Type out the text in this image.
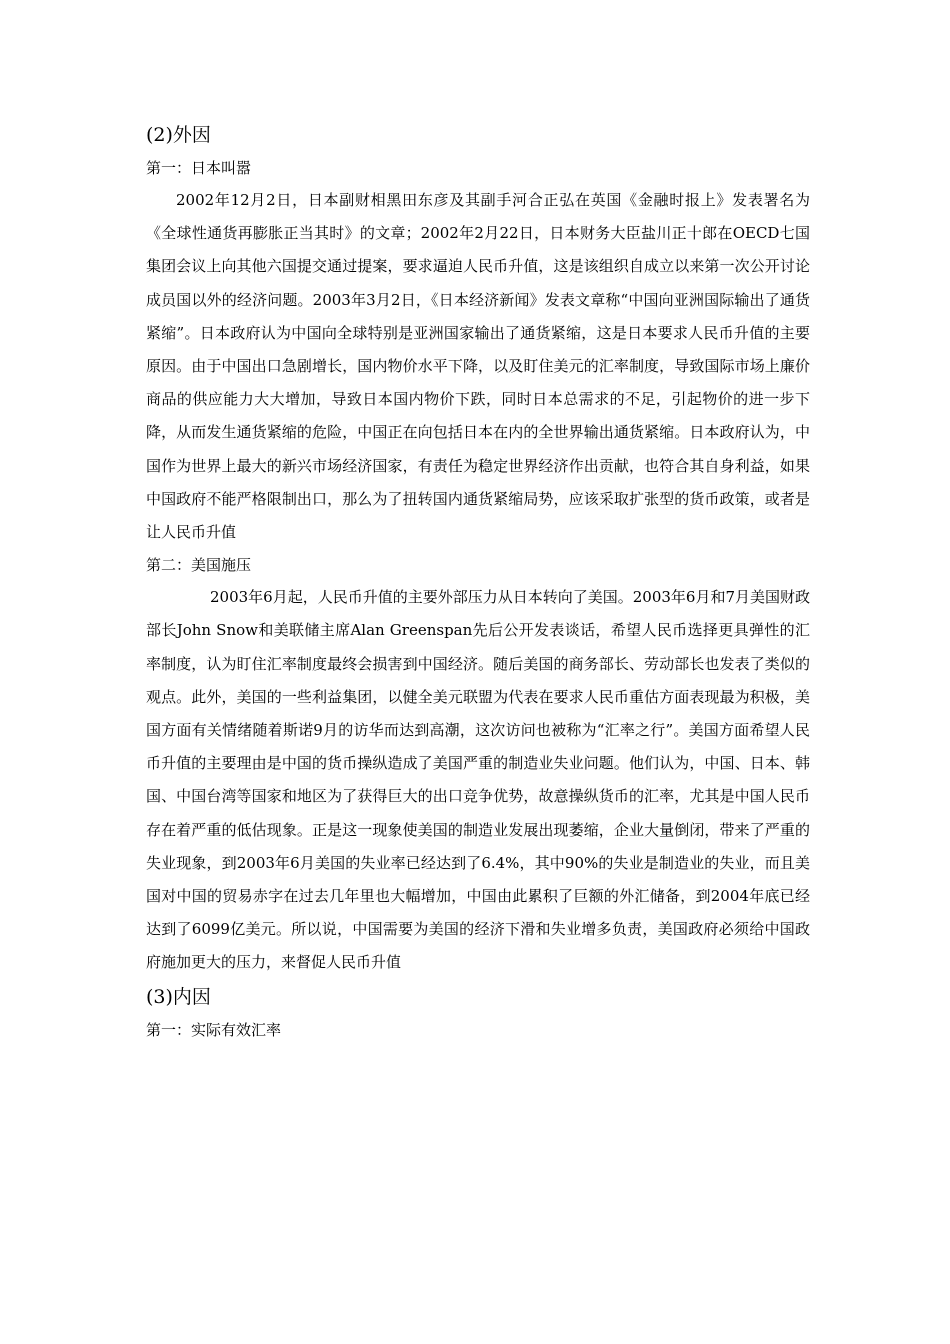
(2)外因
第一：日本叫嚣

2002年12月2日，日本副财相黑田东彦及其副手河合正弘在英国《金融时报上》发表署名为《全球性通货再膨胀正当其时》的文章；2002年2月22日，日本财务大臣盐川正十郎在OECD七国集团会议上向其他六国提交通过提案，要求逼迫人民币升值，这是该组织自成立以来第一次公开讨论成员国以外的经济问题。2003年3月2日，《日本经济新闻》发表文章称“中国向亚洲国际输出了通货紧缩”。日本政府认为中国向全球特别是亚洲国家输出了通货紧缩，这是日本要求人民币升值的主要原因。由于中国出口急剧增长，国内物价水平下降，以及盯住美元的汇率制度，导致国际市场上廉价商品的供应能力大大增加，导致日本国内物价下跌，同时日本总需求的不足，引起物价的进一步下降，从而发生通货紧缩的危险，中国正在向包括日本在内的全世界输出通货紧缩。日本政府认为，中国作为世界上最大的新兴市场经济国家，有责任为稳定世界经济作出贡献，也符合其自身利益，如果中国政府不能严格限制出口，那么为了扭转国内通货紧缩局势，应该采取扩张型的货币政策，或者是让人民币升值

第二：美国施压

2003年6月起，人民币升值的主要外部压力从日本转向了美国。2003年6月和7月美国财政部长John Snow和美联储主席Alan Greenspan先后公开发表谈话，希望人民币选择更具弹性的汇率制度，认为盯住汇率制度最终会损害到中国经济。随后美国的商务部长、劳动部长也发表了类似的观点。此外，美国的一些利益集团，以健全美元联盟为代表在要求人民币重估方面表现最为积极，美国方面有关情绪随着斯诺9月的访华而达到高潮，这次访问也被称为“汇率之行”。美国方面希望人民币升值的主要理由是中国的货币操纵造成了美国严重的制造业失业问题。他们认为，中国、日本、韩国、中国台湾等国家和地区为了获得巨大的出口竞争优势，故意操纵货币的汇率，尤其是中国人民币存在着严重的低估现象。正是这一现象使美国的制造业发展出现萎缩，企业大量倒闭，带来了严重的失业现象，到2003年6月美国的失业率已经达到了6.4%，其中90%的失业是制造业的失业，而且美国对中国的贸易赤字在过去几年里也大幅增加，中国由此累积了巨额的外汇储备，到2004年底已经达到了6099亿美元。所以说，中国需要为美国的经济下滑和失业增多负责，美国政府必须给中国政府施加更大的压力，来督促人民币升值

(3)内因
第一：实际有效汇率
